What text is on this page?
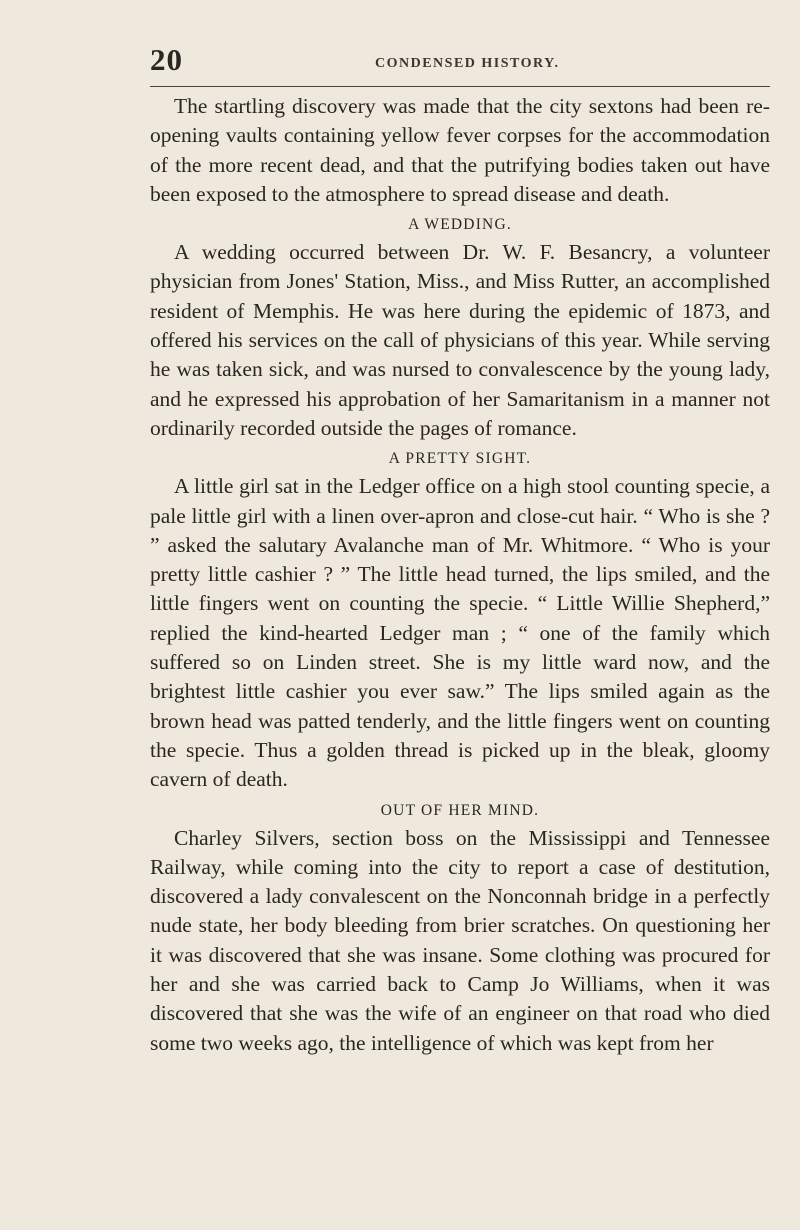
20	CONDENSED HISTORY.

The startling discovery was made that the city sextons had been re-opening vaults containing yellow fever corpses for the accommodation of the more recent dead, and that the putrifying bodies taken out have been exposed to the atmosphere to spread disease and death.

A WEDDING.

A wedding occurred between Dr. W. F. Besancry, a volunteer physician from Jones' Station, Miss., and Miss Rutter, an accomplished resident of Memphis. He was here during the epidemic of 1873, and offered his services on the call of physicians of this year. While serving he was taken sick, and was nursed to convalescence by the young lady, and he expressed his approbation of her Samaritanism in a manner not ordinarily recorded outside the pages of romance.

A PRETTY SIGHT.

A little girl sat in the Ledger office on a high stool counting specie, a pale little girl with a linen over-apron and close-cut hair. “ Who is she ? ” asked the salutary Avalanche man of Mr. Whitmore. “ Who is your pretty little cashier ? ” The little head turned, the lips smiled, and the little fingers went on counting the specie. “ Little Willie Shepherd,” replied the kind-hearted Ledger man ; “ one of the family which suffered so on Linden street. She is my little ward now, and the brightest little cashier you ever saw.” The lips smiled again as the brown head was patted tenderly, and the little fingers went on counting the specie. Thus a golden thread is picked up in the bleak, gloomy cavern of death.

OUT OF HER MIND.

Charley Silvers, section boss on the Mississippi and Tennessee Railway, while coming into the city to report a case of destitution, discovered a lady convalescent on the Nonconnah bridge in a perfectly nude state, her body bleeding from brier scratches. On questioning her it was discovered that she was insane. Some clothing was procured for her and she was carried back to Camp Jo Williams, when it was discovered that she was the wife of an engineer on that road who died some two weeks ago, the intelligence of which was kept from her
